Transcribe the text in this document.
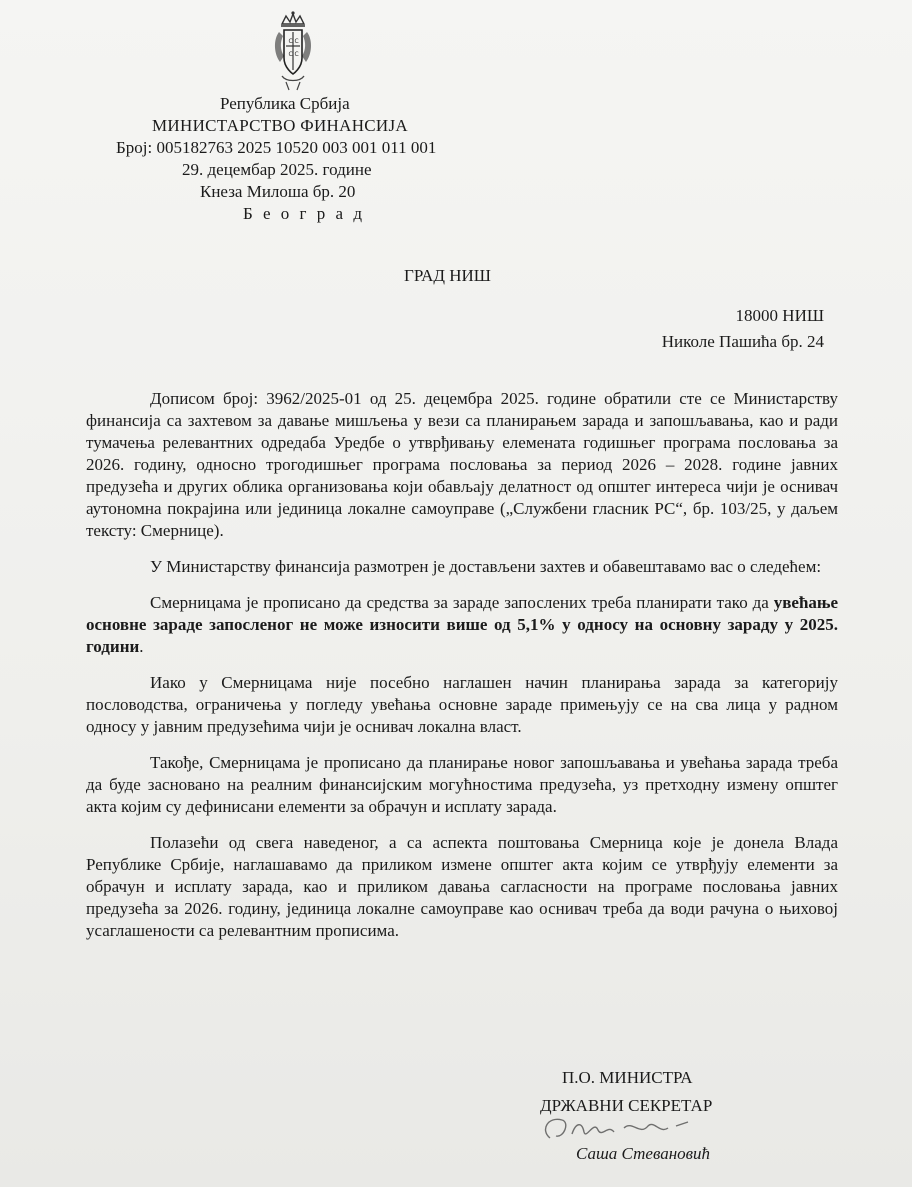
С С
С С
Република Србија
МИНИСТАРСТВО ФИНАНСИЈА
Број: 005182763 2025 10520 003 001 011 001
29. децембар 2025. године
Кнеза Милоша бр. 20
Б е о г р а д
ГРАД НИШ
18000 НИШ
Николе Пашића бр. 24

Дописом број: 3962/2025-01 од 25. децембра 2025. године обратили сте се Министарству финансија са захтевом за давање мишљења у вези са планирањем зарада и запошљавања, као и ради тумачења релевантних одредаба Уредбе о утврђивању елемената годишњег програма пословања за 2026. годину, односно трогодишњег програма пословања за период 2026 – 2028. године јавних предузећа и других облика организовања који обављају делатност од општег интереса чији је оснивач аутономна покрајина или јединица локалне самоуправе („Службени гласник РС“, бр. 103/25, у даљем тексту: Смернице).

У Министарству финансија размотрен је достављени захтев и обавештавамо вас о следећем:

Смерницама је прописано да средства за зараде запослених треба планирати тако да увећање основне зараде запосленог не може износити више од 5,1% у односу на основну зараду у 2025. години.

Иако у Смерницама није посебно наглашен начин планирања зарада за категорију пословодства, ограничења у погледу увећања основне зараде примењују се на сва лица у радном односу у јавним предузећима чији је оснивач локална власт.

Такође, Смерницама је прописано да планирање новог запошљавања и увећања зарада треба да буде засновано на реалним финансијским могућностима предузећа, уз претходну измену општег акта којим су дефинисани елементи за обрачун и исплату зарада.

Полазећи од свега наведеног, а са аспекта поштовања Смерница које је донела Влада Републике Србије, наглашавамо да приликом измене општег акта којим се утврђују елементи за обрачун и исплату зарада, као и приликом давања сагласности на програме пословања јавних предузећа за 2026. годину, јединица локалне самоуправе као оснивач треба да води рачуна о њиховој усаглашености са релевантним прописима.

П.О. МИНИСТРА
ДРЖАВНИ СЕКРЕТАР
Саша Стевановић
